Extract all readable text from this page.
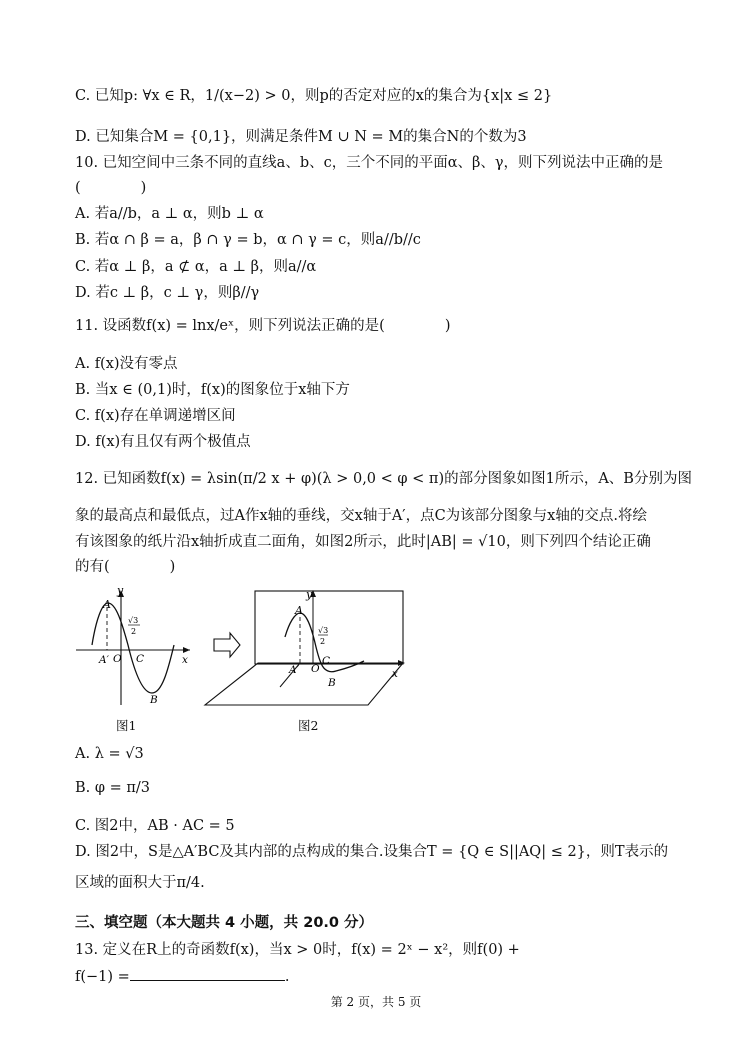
C. 已知p: ∀x ∈ R，1/(x−2) > 0，则p的否定对应的x的集合为{x|x ≤ 2}
D. 已知集合M = {0,1}，则满足条件M ∪ N = M的集合N的个数为3
10. 已知空间中三条不同的直线a、b、c，三个不同的平面α、β、γ，则下列说法中正确的是
(	)
A. 若a//b，a ⊥ α，则b ⊥ α
B. 若α ∩ β = a，β ∩ γ = b，α ∩ γ = c，则a//b//c
C. 若α ⊥ β，a ⊄ α，a ⊥ β，则a//α
D. 若c ⊥ β，c ⊥ γ，则β//γ
11. 设函数f(x) = lnx/eˣ，则下列说法正确的是(	)
A. f(x)没有零点
B. 当x ∈ (0,1)时，f(x)的图象位于x轴下方
C. f(x)存在单调递增区间
D. f(x)有且仅有两个极值点
12. 已知函数f(x) = λsin(π/2 x + φ)(λ > 0,0 < φ < π)的部分图象如图1所示，A、B分别为图
象的最高点和最低点，过A作x轴的垂线，交x轴于A′，点C为该部分图象与x轴的交点.将绘
有该图象的纸片沿x轴折成直二面角，如图2所示，此时|AB| = √10，则下列四个结论正确
的有(	)
A
y
√3
2
A′ O C	x
B
A
y
√3
2
A′ O
C
x
B
图1	图2
A. λ = √3
B. φ = π/3
C. 图2中，AB · AC = 5
D. 图2中，S是△A′BC及其内部的点构成的集合.设集合T = {Q ∈ S||AQ| ≤ 2}，则T表示的
区域的面积大于π/4.
三、填空题（本大题共 4 小题，共 20.0 分）
13. 定义在R上的奇函数f(x)，当x > 0时，f(x) = 2ˣ − x²，则f(0) +
f(−1) =	.
第 2 页，共 5 页
